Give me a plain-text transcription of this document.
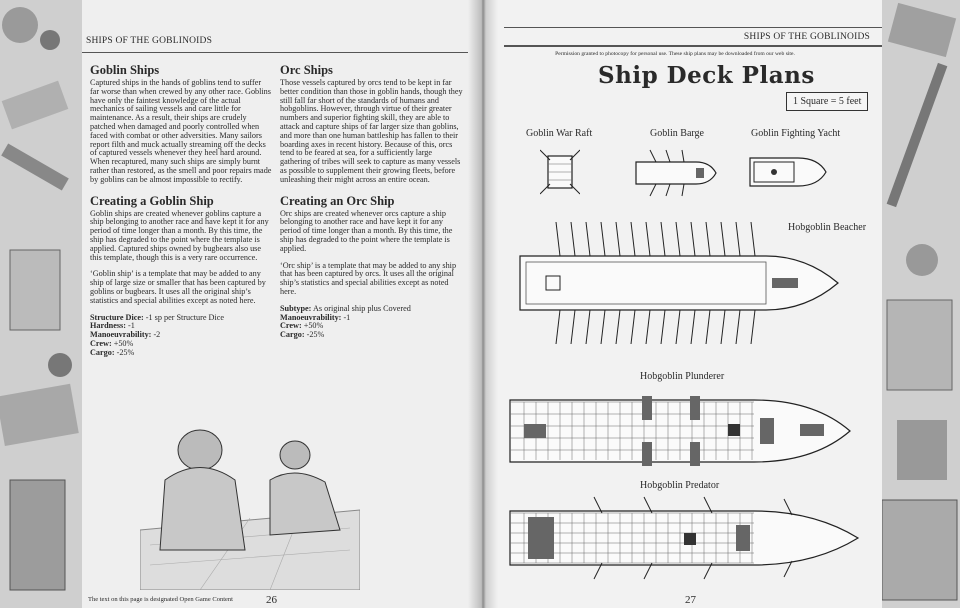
SHIPS OF THE GOBLINOIDS
Goblin Ships

Captured ships in the hands of goblins tend to suffer far worse than when crewed by any other race. Goblins have only the faintest knowledge of the actual mechanics of sailing vessels and care little for maintenance. As a result, their ships are crudely patched when damaged and poorly controlled when faced with combat or other adversities. Many sailors report filth and muck actually streaming off the decks of captured vessels whenever they heel hard around. When recaptured, many such ships are simply burnt rather than restored, as the smell and poor repairs made by goblins can be almost impossible to rectify.

Creating a Goblin Ship

Goblin ships are created whenever goblins capture a ship belonging to another race and have kept it for any period of time longer than a month. By this time, the ship has degraded to the point where the template is applied. Captured ships owned by bugbears also use this template, though this is a very rare occurrence.

‘Goblin ship’ is a template that may be added to any ship of large size or smaller that has been captured by goblins or bugbears. It uses all the original ship’s statistics and special abilities except as noted here.

Structure Dice: -1 sp per Structure Dice
Hardness: -1
Manoeuvrability: -2
Crew: +50%
Cargo: -25%
Orc Ships

Those vessels captured by orcs tend to be kept in far better condition than those in goblin hands, though they still fall far short of the standards of humans and hobgoblins. However, through virtue of their greater numbers and superior fighting skill, they are able to attack and capture ships of far larger size than goblins, and more than one human battleship has fallen to their boarding axes in recent history. Because of this, orcs tend to be feared at sea, for a sufficiently large gathering of tribes will seek to capture as many vessels as possible to supplement their growing fleets, before unleashing their might across an entire ocean.

Creating an Orc Ship

Orc ships are created whenever orcs capture a ship belonging to another race and have kept it for any period of time longer than a month. By this time, the ship has degraded to the point where the template is applied.

‘Orc ship’ is a template that may be added to any ship that has been captured by orcs. It uses all the original ship’s statistics and special abilities except as noted here.

Subtype: As original ship plus Covered
Manoeuvrability: -1
Crew: +50%
Cargo: -25%
The text on this page is designated Open Game Content	26
SHIPS OF THE GOBLINOIDS
Permission granted to photocopy for personal use. These ship plans may be downloaded from our web site.
Ship Deck Plans
1 Square = 5 feet
Goblin War Raft	Goblin Barge	Goblin Fighting Yacht
Hobgoblin Beacher
Hobgoblin Plunderer
Hobgoblin Predator
27
